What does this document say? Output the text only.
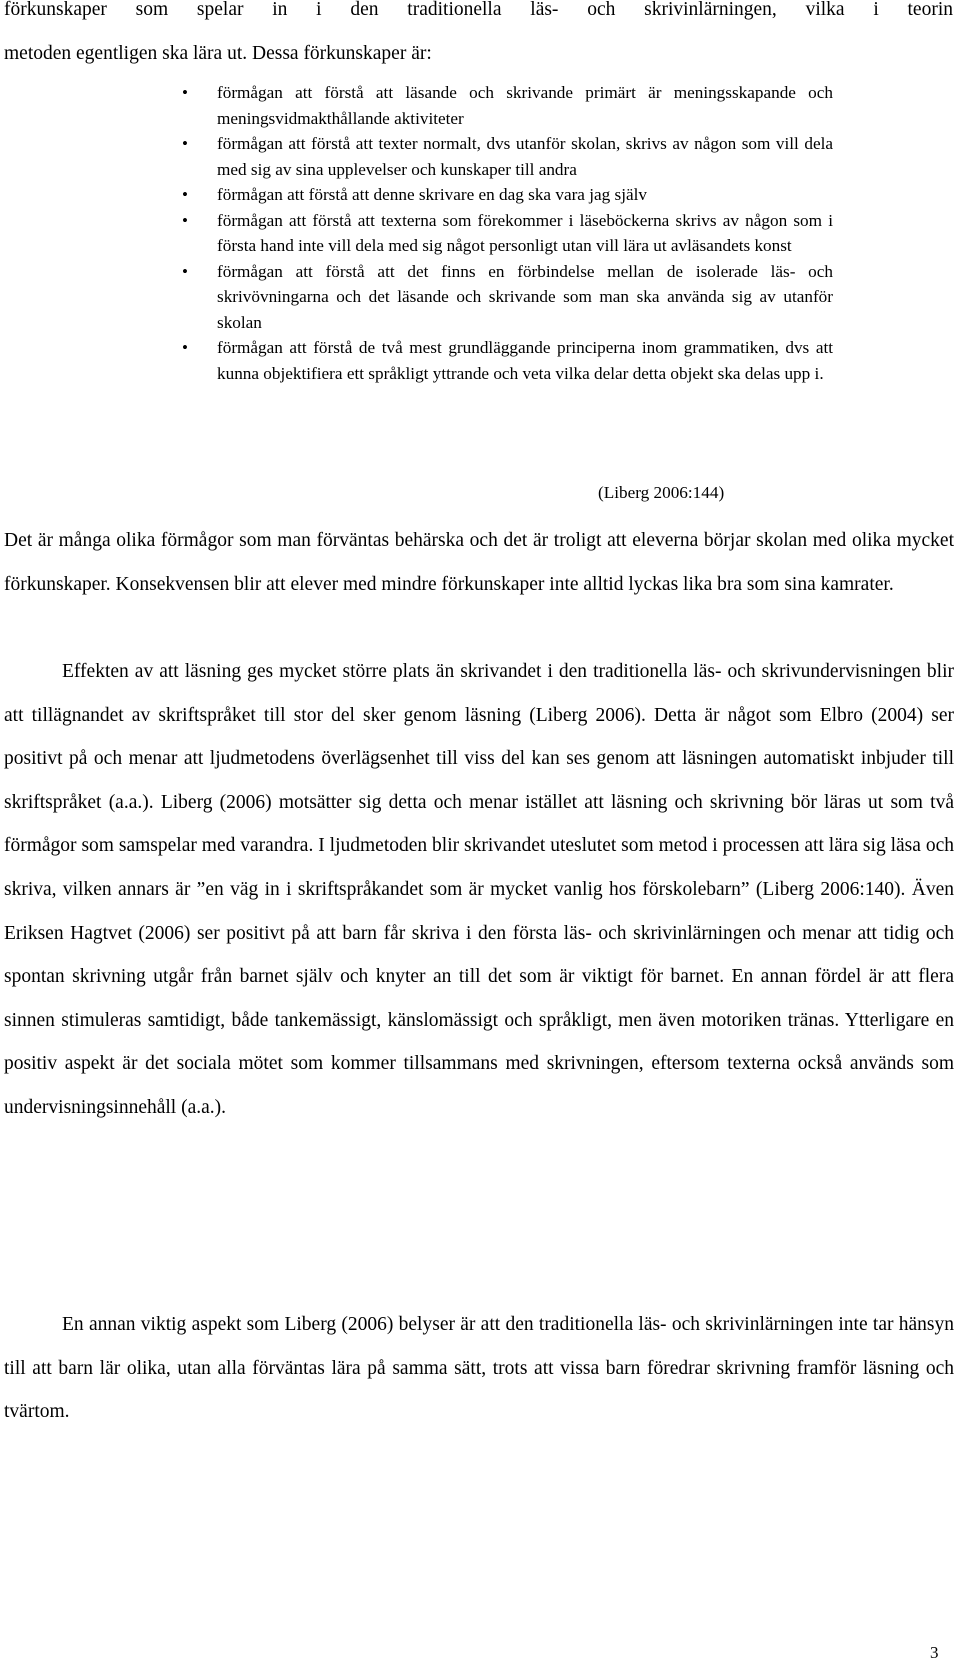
förkunskaper som spelar in i den traditionella läs- och skrivinlärningen, vilka i teorin

metoden egentligen ska lära ut. Dessa förkunskaper är:

• förmågan att förstå att läsande och skrivande primärt är meningsskapande och meningsvidmakthållande aktiviteter
• förmågan att förstå att texter normalt, dvs utanför skolan, skrivs av någon som vill dela med sig av sina upplevelser och kunskaper till andra
• förmågan att förstå att denne skrivare en dag ska vara jag själv
• förmågan att förstå att texterna som förekommer i läseböckerna skrivs av någon som i första hand inte vill dela med sig något personligt utan vill lära ut avläsandets konst
• förmågan att förstå att det finns en förbindelse mellan de isolerade läs- och skrivövningarna och det läsande och skrivande som man ska använda sig av utanför skolan
• förmågan att förstå de två mest grundläggande principerna inom grammatiken, dvs att kunna objektifiera ett språkligt yttrande och veta vilka delar detta objekt ska delas upp i.

(Liberg 2006:144)

Det är många olika förmågor som man förväntas behärska och det är troligt att eleverna börjar skolan med olika mycket förkunskaper. Konsekvensen blir att elever med mindre förkunskaper inte alltid lyckas lika bra som sina kamrater.

Effekten av att läsning ges mycket större plats än skrivandet i den traditionella läs- och skrivundervisningen blir att tillägnandet av skriftspråket till stor del sker genom läsning (Liberg 2006). Detta är något som Elbro (2004) ser positivt på och menar att ljudmetodens överlägsenhet till viss del kan ses genom att läsningen automatiskt inbjuder till skriftspråket (a.a.). Liberg (2006) motsätter sig detta och menar istället att läsning och skrivning bör läras ut som två förmågor som samspelar med varandra. I ljudmetoden blir skrivandet uteslutet som metod i processen att lära sig läsa och skriva, vilken annars är ”en väg in i skriftspråkandet som är mycket vanlig hos förskolebarn” (Liberg 2006:140). Även Eriksen Hagtvet (2006) ser positivt på att barn får skriva i den första läs- och skrivinlärningen och menar att tidig och spontan skrivning utgår från barnet själv och knyter an till det som är viktigt för barnet. En annan fördel är att flera sinnen stimuleras samtidigt, både tankemässigt, känslomässigt och språkligt, men även motoriken tränas. Ytterligare en positiv aspekt är det sociala mötet som kommer tillsammans med skrivningen, eftersom texterna också används som undervisningsinnehåll (a.a.).

En annan viktig aspekt som Liberg (2006) belyser är att den traditionella läs- och skrivinlärningen inte tar hänsyn till att barn lär olika, utan alla förväntas lära på samma sätt, trots att vissa barn föredrar skrivning framför läsning och tvärtom.

3
